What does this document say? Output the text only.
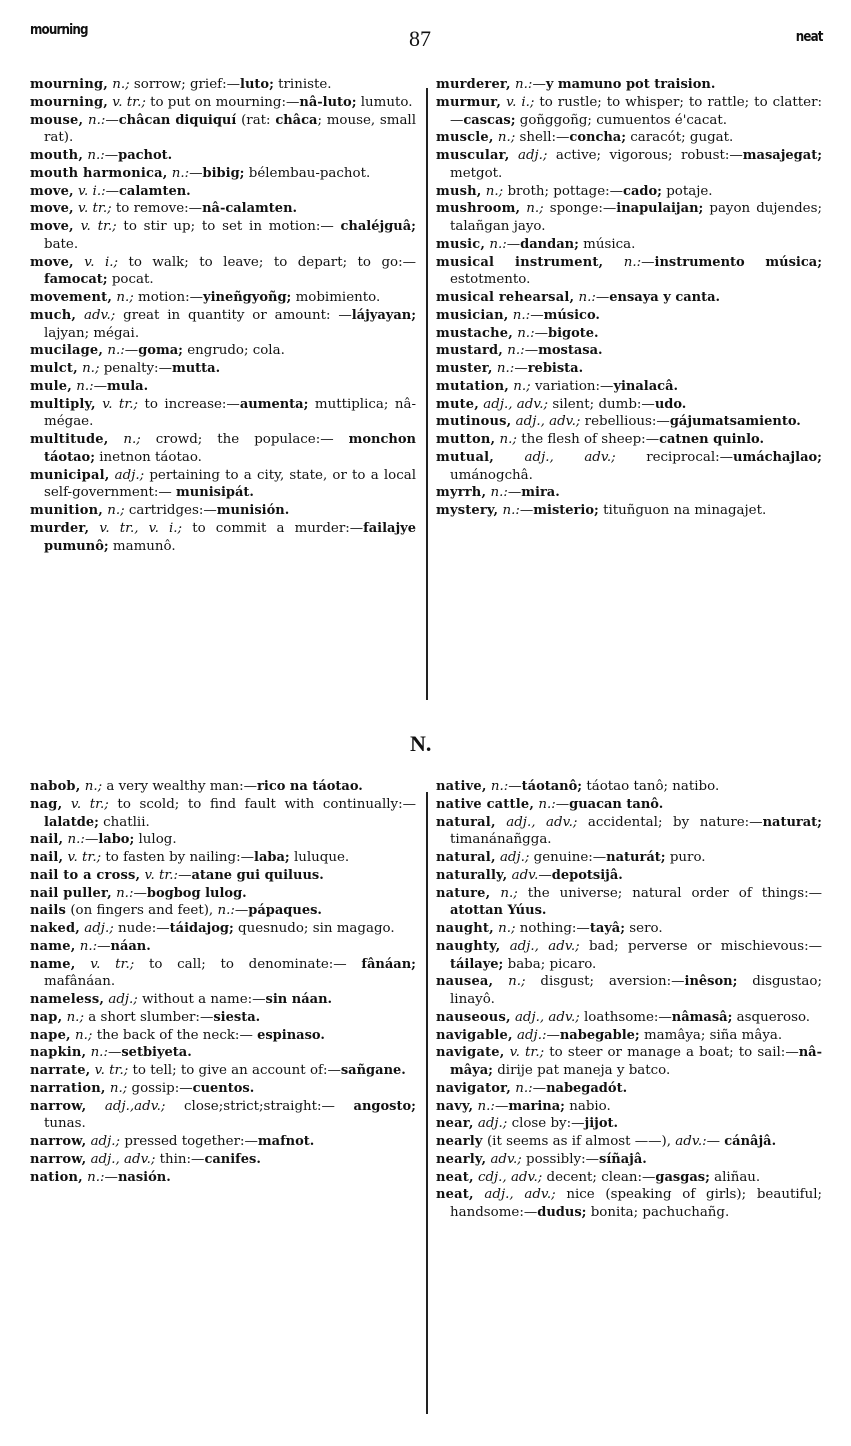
mourning	87	neat

mourning, n.; sorrow; grief:—luto; triniste.

mourning, v. tr.; to put on mourning:—nâ-luto; lumuto.

mouse, n.:—châcan diquiquí (rat: châca; mouse, small rat).

mouth, n.:—pachot.

mouth harmonica, n.:—bibig; bélembau-pachot.

move, v. i.:—calamten.

move, v. tr.; to remove:—nâ-calamten.

move, v. tr.; to stir up; to set in motion:— chaléjguâ; bate.

move, v. i.; to walk; to leave; to depart; to go:—famocat; pocat.

movement, n.; motion:—yineñgyoñg; mobimiento.

much, adv.; great in quantity or amount: —lájyayan; lajyan; mégai.

mucilage, n.:—goma; engrudo; cola.

mulct, n.; penalty:—mutta.

mule, n.:—mula.

multiply, v. tr.; to increase:—aumenta; muttiplica; nâ-mégae.

multitude, n.; crowd; the populace:— monchon táotao; inetnon táotao.

municipal, adj.; pertaining to a city, state, or to a local self-government:— munisipát.

munition, n.; cartridges:—munisión.

murder, v. tr., v. i.; to commit a murder:—failajye pumunô; mamunô.

murderer, n.:—y mamuno pot traision.

murmur, v. i.; to rustle; to whisper; to rattle; to clatter:—cascas; goñggoñg; cumuentos é'cacat.

muscle, n.; shell:—concha; caracót; gugat.

muscular, adj.; active; vigorous; robust:—masajegat; metgot.

mush, n.; broth; pottage:—cado; potaje.

mushroom, n.; sponge:—inapulaijan; payon dujendes; talañgan jayo.

music, n.:—dandan; música.

musical instrument, n.:—instrumento música; estotmento.

musical rehearsal, n.:—ensaya y canta.

musician, n.:—músico.

mustache, n.:—bigote.

mustard, n.:—mostasa.

muster, n.:—rebista.

mutation, n.; variation:—yinalacâ.

mute, adj., adv.; silent; dumb:—udo.

mutinous, adj., adv.; rebellious:—gájumatsamiento.

mutton, n.; the flesh of sheep:—catnen quinlo.

mutual, adj., adv.; reciprocal:—umáchajlao; umánogchâ.

myrrh, n.:—mira.

mystery, n.:—misterio; tituñguon na minagajet.

N.

nabob, n.; a very wealthy man:—rico na táotao.

nag, v. tr.; to scold; to find fault with continually:—lalatde; chatlii.

nail, n.:—labo; lulog.

nail, v. tr.; to fasten by nailing:—laba; luluque.

nail to a cross, v. tr.:—atane gui quiluus.

nail puller, n.:—bogbog lulog.

nails (on fingers and feet), n.:—pápaques.

naked, adj.; nude:—táidajog; quesnudo; sin magago.

name, n.:—náan.

name, v. tr.; to call; to denominate:— fânáan; mafânáan.

nameless, adj.; without a name:—sin náan.

nap, n.; a short slumber:—siesta.

nape, n.; the back of the neck:— espinaso.

napkin, n.:—setbiyeta.

narrate, v. tr.; to tell; to give an account of:—sañgane.

narration, n.; gossip:—cuentos.

narrow, adj.,adv.; close;strict;straight:— angosto; tunas.

narrow, adj.; pressed together:—mafnot.

narrow, adj., adv.; thin:—canifes.

nation, n.:—nasión.

native, n.:—táotanô; táotao tanô; natibo.

native cattle, n.:—guacan tanô.

natural, adj., adv.; accidental; by nature:—naturat; timanánañgga.

natural, adj.; genuine:—naturát; puro.

naturally, adv.—depotsijâ.

nature, n.; the universe; natural order of things:—atottan Yúus.

naught, n.; nothing:—tayâ; sero.

naughty, adj., adv.; bad; perverse or mischievous:—táilaye; baba; picaro.

nausea, n.; disgust; aversion:—inêson; disgustao; linayô.

nauseous, adj., adv.; loathsome:—nâmasâ; asqueroso.

navigable, adj.:—nabegable; mamâya; siña mâya.

navigate, v. tr.; to steer or manage a boat; to sail:—nâ-mâya; dirije pat maneja y batco.

navigator, n.:—nabegadót.

navy, n.:—marina; nabio.

near, adj.; close by:—jijot.

nearly (it seems as if almost ——), adv.:— cánâjâ.

nearly, adv.; possibly:—síñajâ.

neat, cdj., adv.; decent; clean:—gasgas; aliñau.

neat, adj., adv.; nice (speaking of girls); beautiful; handsome:—dudus; bonita; pachuchañg.
